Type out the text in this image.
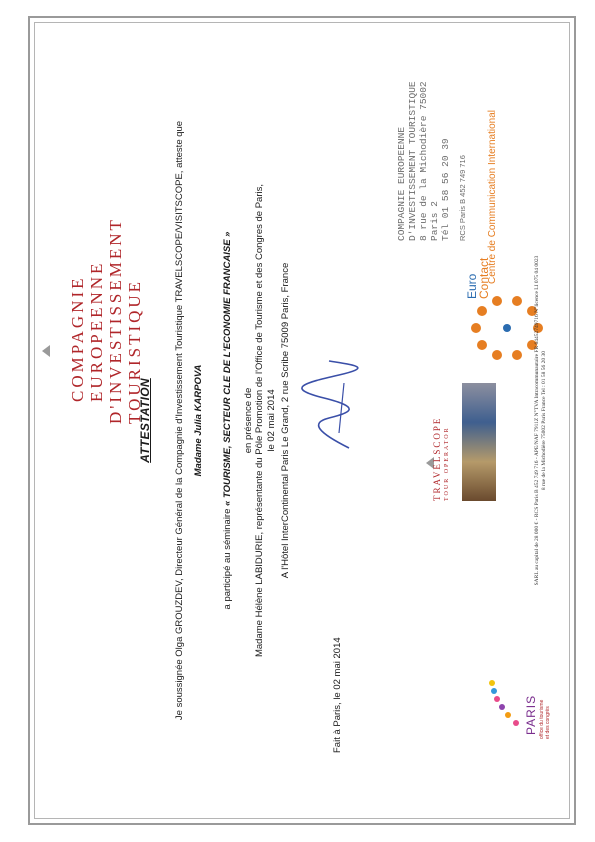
COMPAGNIE EUROPEENNE D'INVESTISSEMENT TOURISTIQUE
ATTESTATION Je soussignée Olga GROUZDEV, Directeur Général de la Compagnie d'Investissement Touristique TRAVELSCOPE/VISITSCOPE, atteste que Madame Julia KARPOVA
a participé au séminaire « TOURISME, SECTEUR CLE DE L'ECONOMIE FRANCAISE » en présence de Madame Hélène LABIDURIE, représentante du Pôle Promotion de l'Office de Tourisme et des Congres de Paris, le 02 mai 2014 A l'Hôtel InterContinental Paris Le Grand, 2 rue Scribe 75009 Paris, France
Fait à Paris, le 02 mai 2014
COMPAGNIE EUROPEENNE D'INVESTISSEMENT TOURISTIQUE 8 rue de la Michodière 75002 Paris 2 Tél 01 58 56 20 39 RCS Paris B 452 749 716
TRAVELSCOPE TOUR OPERATOR
PARIS office du tourisme et des congrès
Euro
Contact
Centre de Communication International
SARL au capital de 28 000 € - RCS Paris B 452 749 716 - APE/NAF 7911Z N°TVA Intracommunautaire FR 64452749716 N°licence LI 075 04 0023 8 rue de la Michodière 75002 Paris France Tel : 01 58 56 20 30
